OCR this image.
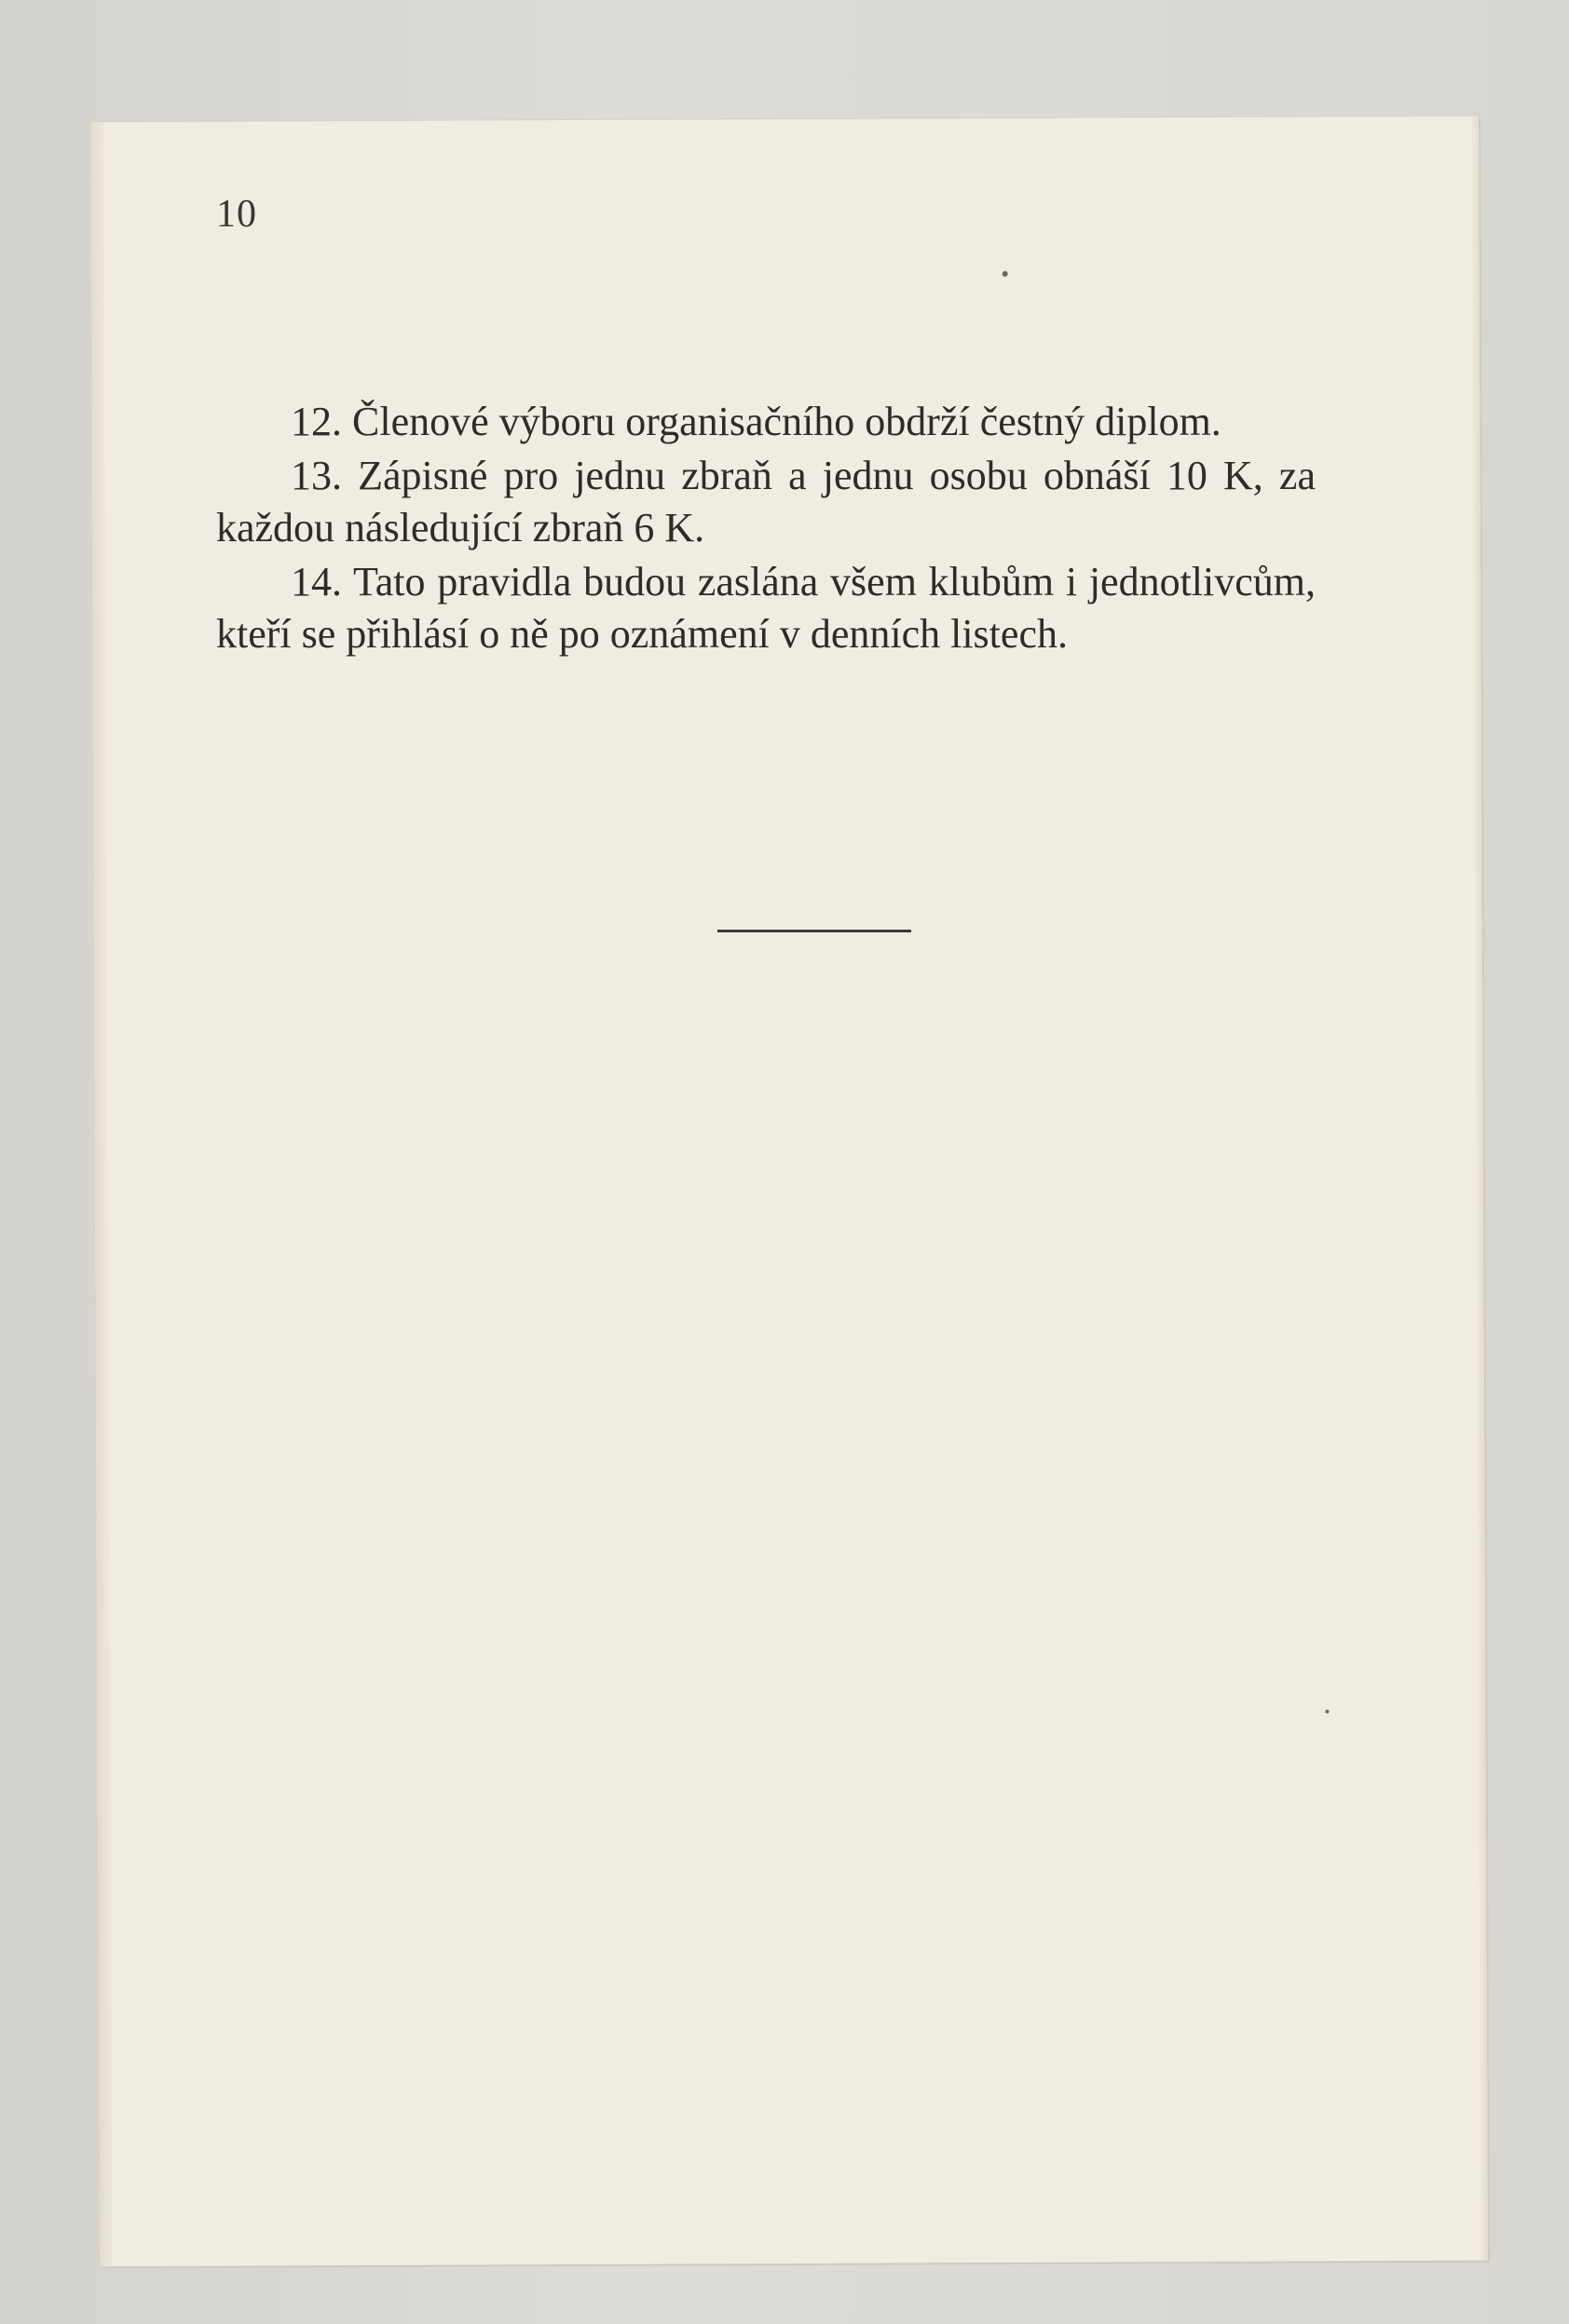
10

12. Členové výboru organisačního obdrží čestný diplom.

13. Zápisné pro jednu zbraň a jednu osobu obnáší 10 K, za každou následující zbraň 6 K.

14. Tato pravidla budou zaslána všem klubům i jednotlivcům, kteří se přihlásí o ně po oznámení v denních listech.
